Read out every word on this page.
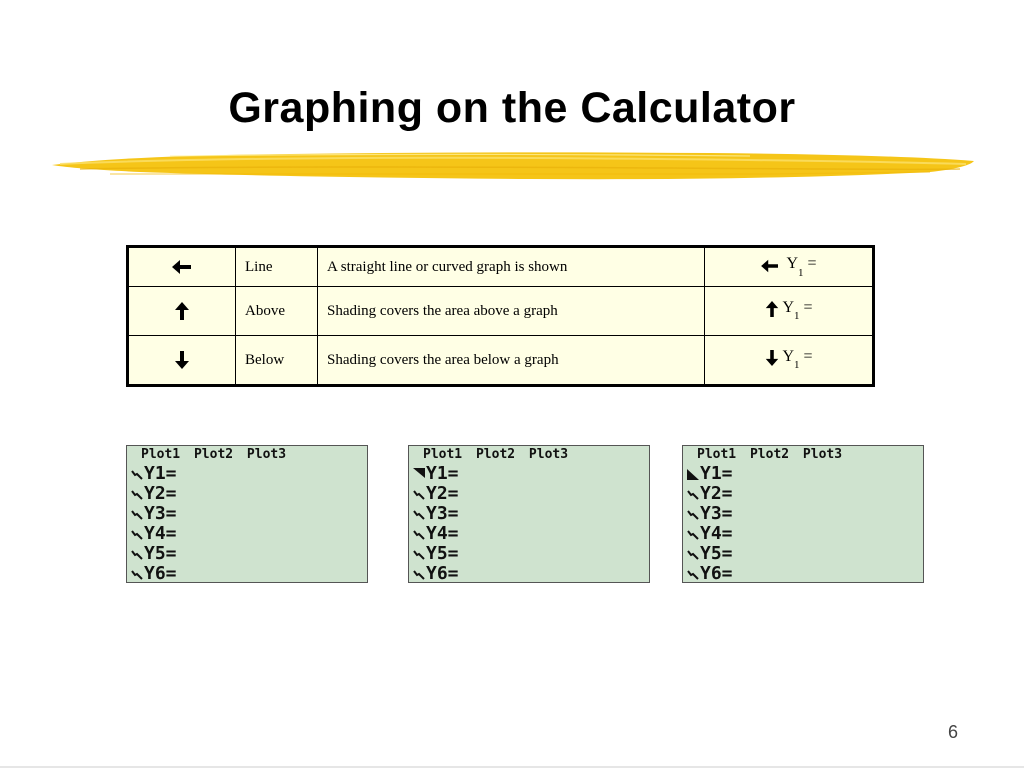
Graphing on the Calculator
	Line	A straight line or curved graph is shown	$Y_1$ =

	Above	Shading covers the area above a graph	$Y_1$ =

	Below	Shading covers the area below a graph	$Y_1$ =
Plot1 Plot2 Plot3
Y1=
Y2=
Y3=
Y4=
Y5=
Y6=
Plot1 Plot2 Plot3
Y1=
Y2=
Y3=
Y4=
Y5=
Y6=
Plot1 Plot2 Plot3
Y1=
Y2=
Y3=
Y4=
Y5=
Y6=
6
